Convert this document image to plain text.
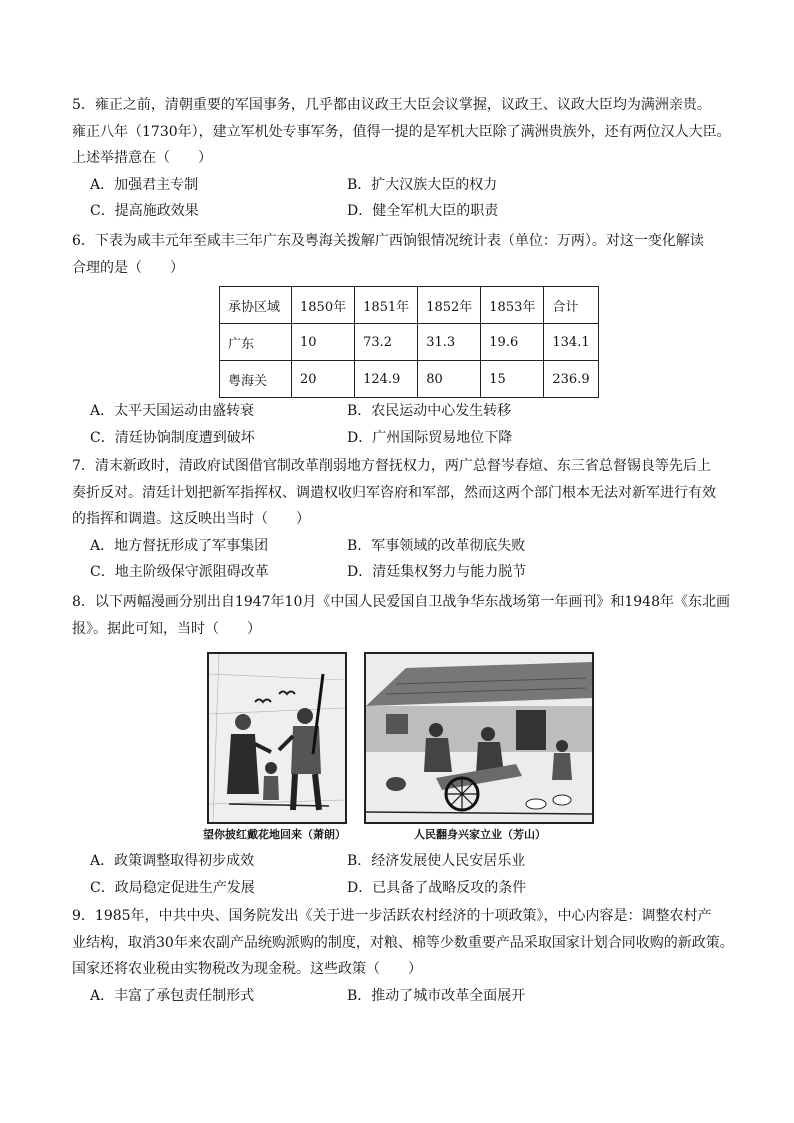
5．雍正之前，清朝重要的军国事务，几乎都由议政王大臣会议掌握，议政王、议政大臣均为满洲亲贵。

雍正八年（1730年），建立军机处专事军务，值得一提的是军机大臣除了满洲贵族外，还有两位汉人大臣。

上述举措意在（　　）

A．加强君主专制	B．扩大汉族大臣的权力
C．提高施政效果	D．健全军机大臣的职责

6．下表为咸丰元年至咸丰三年广东及粤海关拨解广西饷银情况统计表（单位：万两）。对这一变化解读

合理的是（　　）

承协区域	1850年	1851年	1852年	1853年	合计
广东	10	73.2	31.3	19.6	134.1
粤海关	20	124.9	80	15	236.9
A．太平天国运动由盛转衰	B．农民运动中心发生转移
C．清廷协饷制度遭到破坏	D．广州国际贸易地位下降

7．清末新政时，清政府试图借官制改革削弱地方督抚权力，两广总督岑春煊、东三省总督锡良等先后上

奏折反对。清廷计划把新军指挥权、调遣权收归军咨府和军部，然而这两个部门根本无法对新军进行有效

的指挥和调遣。这反映出当时（　　）

A．地方督抚形成了军事集团	B．军事领域的改革彻底失败
C．地主阶级保守派阻碍改革	D．清廷集权努力与能力脱节

8．以下两幅漫画分别出自1947年10月《中国人民爱国自卫战争华东战场第一年画刊》和1948年《东北画

报》。据此可知，当时（　　）

望你披红戴花地回来（萧朗）	人民翻身兴家立业（芳山）
A．政策调整取得初步成效	B．经济发展使人民安居乐业
C．政局稳定促进生产发展	D．已具备了战略反攻的条件

9．1985年，中共中央、国务院发出《关于进一步活跃农村经济的十项政策》，中心内容是：调整农村产

业结构，取消30年来农副产品统购派购的制度，对粮、棉等少数重要产品采取国家计划合同收购的新政策。

国家还将农业税由实物税改为现金税。这些政策（　　）

A．丰富了承包责任制形式	B．推动了城市改革全面展开
